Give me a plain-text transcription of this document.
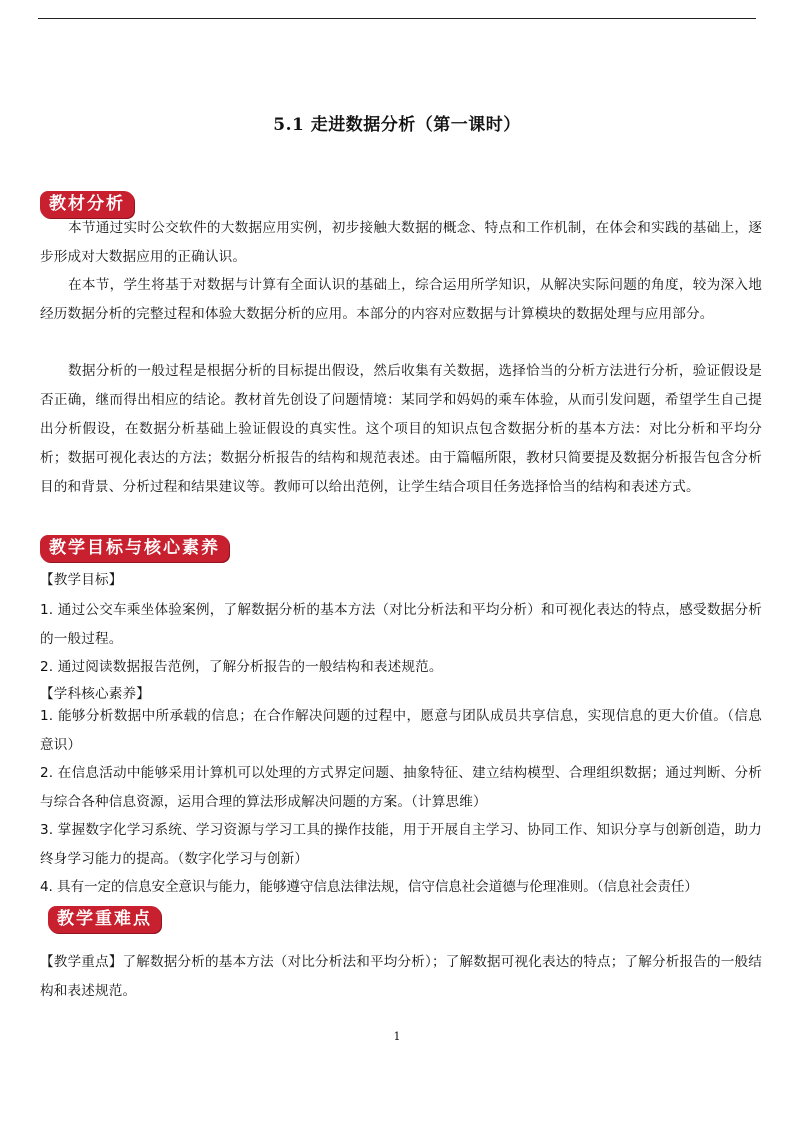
5.1 走进数据分析（第一课时）
教材分析
本节通过实时公交软件的大数据应用实例，初步接触大数据的概念、特点和工作机制，在体会和实践的基础上，逐步形成对大数据应用的正确认识。
在本节，学生将基于对数据与计算有全面认识的基础上，综合运用所学知识，从解决实际问题的角度，较为深入地经历数据分析的完整过程和体验大数据分析的应用。本部分的内容对应数据与计算模块的数据处理与应用部分。
数据分析的一般过程是根据分析的目标提出假设，然后收集有关数据，选择恰当的分析方法进行分析，验证假设是否正确，继而得出相应的结论。教材首先创设了问题情境：某同学和妈妈的乘车体验，从而引发问题，希望学生自己提出分析假设，在数据分析基础上验证假设的真实性。这个项目的知识点包含数据分析的基本方法：对比分析和平均分析；数据可视化表达的方法；数据分析报告的结构和规范表述。由于篇幅所限，教材只简要提及数据分析报告包含分析目的和背景、分析过程和结果建议等。教师可以给出范例，让学生结合项目任务选择恰当的结构和表述方式。
教学目标与核心素养
【教学目标】
1. 通过公交车乘坐体验案例，了解数据分析的基本方法（对比分析法和平均分析）和可视化表达的特点，感受数据分析的一般过程。
2. 通过阅读数据报告范例，了解分析报告的一般结构和表述规范。
【学科核心素养】
1. 能够分析数据中所承载的信息；在合作解决问题的过程中，愿意与团队成员共享信息，实现信息的更大价值。（信息意识）
2. 在信息活动中能够采用计算机可以处理的方式界定问题、抽象特征、建立结构模型、合理组织数据；通过判断、分析与综合各种信息资源，运用合理的算法形成解决问题的方案。（计算思维）
3. 掌握数字化学习系统、学习资源与学习工具的操作技能，用于开展自主学习、协同工作、知识分享与创新创造，助力终身学习能力的提高。（数字化学习与创新）
4. 具有一定的信息安全意识与能力，能够遵守信息法律法规，信守信息社会道德与伦理准则。（信息社会责任）
教学重难点
【教学重点】了解数据分析的基本方法（对比分析法和平均分析）；了解数据可视化表达的特点；了解分析报告的一般结构和表述规范。
1
